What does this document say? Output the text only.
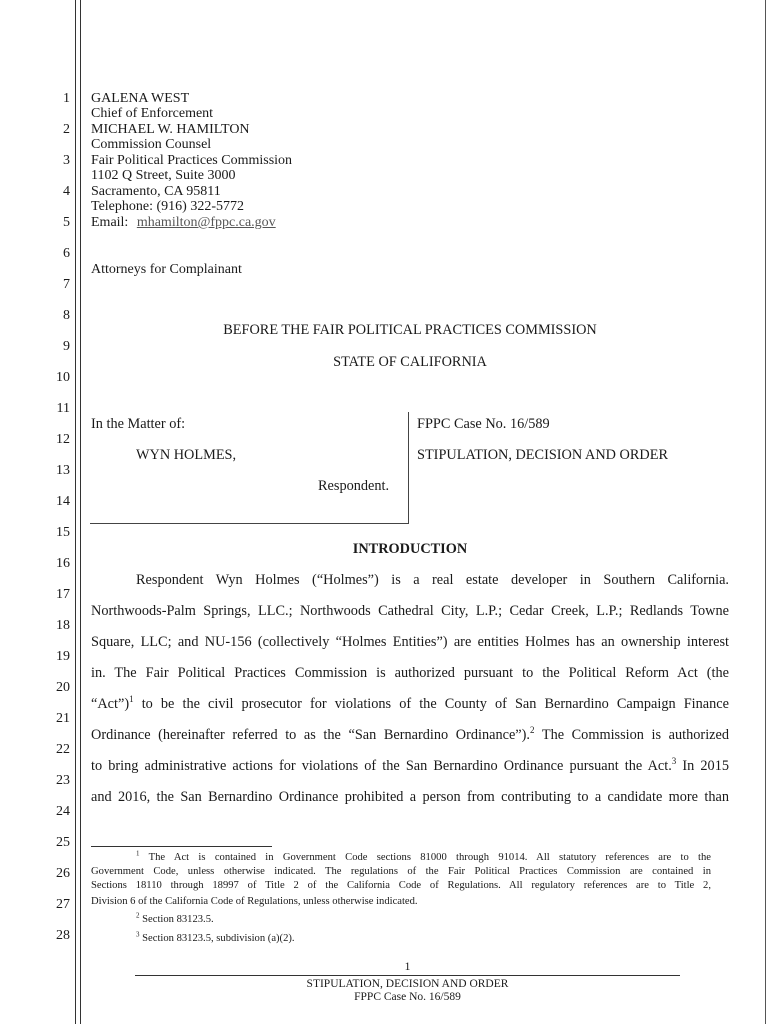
1
2
3
4
5
6
7
8
9
10
11
12
13
14
15
16
17
18
19
20
21
22
23
24
25
26
27
28
GALENA WEST
Chief of Enforcement
MICHAEL W. HAMILTON
Commission Counsel
Fair Political Practices Commission
1102 Q Street, Suite 3000
Sacramento, CA 95811
Telephone: (916) 322-5772
Email: mhamilton@fppc.ca.gov
Attorneys for Complainant
BEFORE THE FAIR POLITICAL PRACTICES COMMISSION
STATE OF CALIFORNIA
In the Matter of:
WYN HOLMES,
Respondent.
FPPC Case No. 16/589
STIPULATION, DECISION AND ORDER
INTRODUCTION
Respondent Wyn Holmes (“Holmes”) is a real estate developer in Southern California.
Northwoods-Palm Springs, LLC.; Northwoods Cathedral City, L.P.; Cedar Creek, L.P.; Redlands Towne
Square, LLC; and NU-156 (collectively “Holmes Entities”) are entities Holmes has an ownership interest
in. The Fair Political Practices Commission is authorized pursuant to the Political Reform Act (the
“Act”)$^1$ to be the civil prosecutor for violations of the County of San Bernardino Campaign Finance
Ordinance (hereinafter referred to as the “San Bernardino Ordinance”).$^2$ The Commission is authorized
to bring administrative actions for violations of the San Bernardino Ordinance pursuant the Act.$^3$ In 2015
and 2016, the San Bernardino Ordinance prohibited a person from contributing to a candidate more than
$^1$ The Act is contained in Government Code sections 81000 through 91014. All statutory references are to the
Government Code, unless otherwise indicated. The regulations of the Fair Political Practices Commission are contained in
Sections 18110 through 18997 of Title 2 of the California Code of Regulations. All regulatory references are to Title 2,
Division 6 of the California Code of Regulations, unless otherwise indicated.
$^2$ Section 83123.5.
$^3$ Section 83123.5, subdivision (a)(2).
1
STIPULATION, DECISION AND ORDER
FPPC Case No. 16/589
